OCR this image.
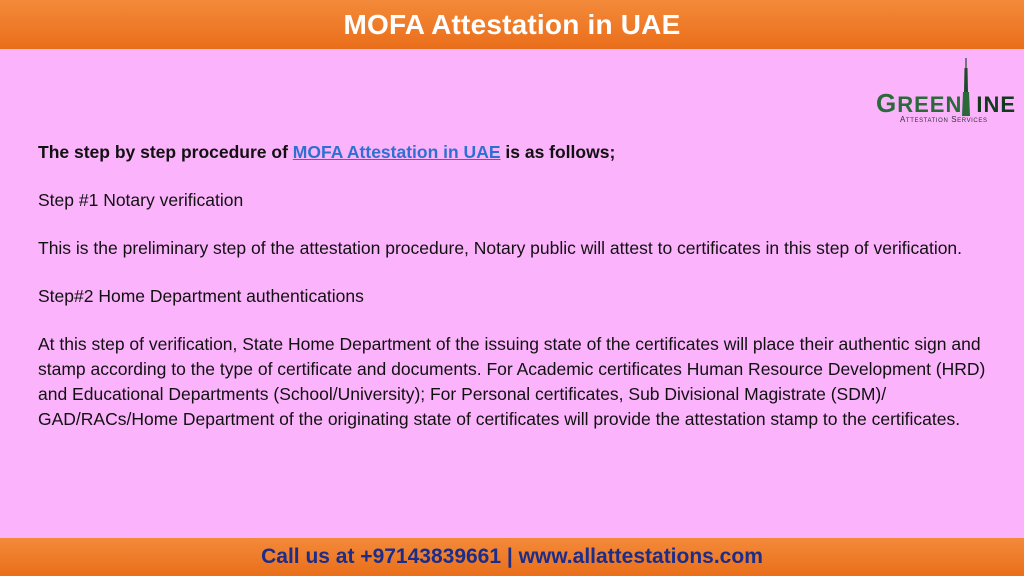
MOFA Attestation in UAE
GREEN INE
Attestation Services

The step by step procedure of MOFA Attestation in UAE is as follows;

Step #1 Notary verification

This is the preliminary step of the attestation procedure, Notary public will attest to certificates in this step of verification.

Step#2 Home Department authentications

At this step of verification, State Home Department of the issuing state of the certificates will place their authentic sign and stamp according to the type of certificate and documents. For Academic certificates Human Resource Development (HRD) and Educational Departments (School/University); For Personal certificates, Sub Divisional Magistrate (SDM)/ GAD/RACs/Home Department of the originating state of certificates will provide the attestation stamp to the certificates.

Call us at +97143839661 | www.allattestations.com
